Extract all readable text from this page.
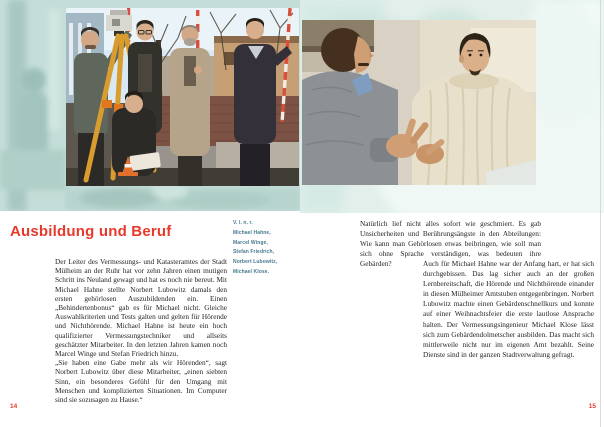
Ausbildung und Beruf

Der Leiter des Vermessungs- und Katasteramtes der Stadt Mülheim an der Ruhr hat vor zehn Jahren einen mutigen Schritt ins Neuland gewagt und hat es noch nie bereut. Mit Michael Hahne stellte Norbert Lubowitz damals den ersten gehörlosen Auszubildenden ein. Einen „Behindertenbonus“ gab es für Michael nicht. Gleiche Auswahlkriterien und Tests galten und gelten für Hörende und Nichthörende. Michael Hahne ist heute ein hoch qualifizierter Vermessungstechniker und allseits geschätzter Mitarbeiter. In den letzten Jahren kamen noch Marcel Winge und Stefan Friedrich hinzu.

„Sie haben eine Gabe mehr als wir Hörenden“, sagt Norbert Lubowitz über diese Mitarbeiter, „einen siebten Sinn, ein besonderes Gefühl für den Umgang mit Menschen und komplizierten Situationen. Im Computer sind sie sozusagen zu Hause.“

V. l. n. r.
Michael Hahne,
Marcel Winge,
Stefan Friedrich,
Norbert Lubowitz,
Michael Klose.
14

Natürlich lief nicht alles sofort wie geschmiert. Es gab Unsicherheiten und Berührungsängste in den Abteilungen: Wie kann man Gehörlosen etwas beibringen, wie soll man sich ohne Sprache verständigen, was bedeuten ihre Gebärden?	Auch für Michael Hahne war der Anfang hart, er hat sich durchgebissen. Das lag sicher auch an der großen Lernbereitschaft, die Hörende und Nichthörende einander in diesen Mülheimer Amtstuben entgegenbringen. Norbert Lubowitz machte einen Gebärdenschnellkurs und konnte auf einer Weihnachtsfeier die erste lautlose Ansprache halten. Der Vermessungsingenieur Michael Klose lässt sich zum Gebärdendolmetscher ausbilden. Das macht sich mittlerweile nicht nur im eigenen Amt bezahlt. Seine Dienste sind in der ganzen Stadtverwaltung gefragt.

15
